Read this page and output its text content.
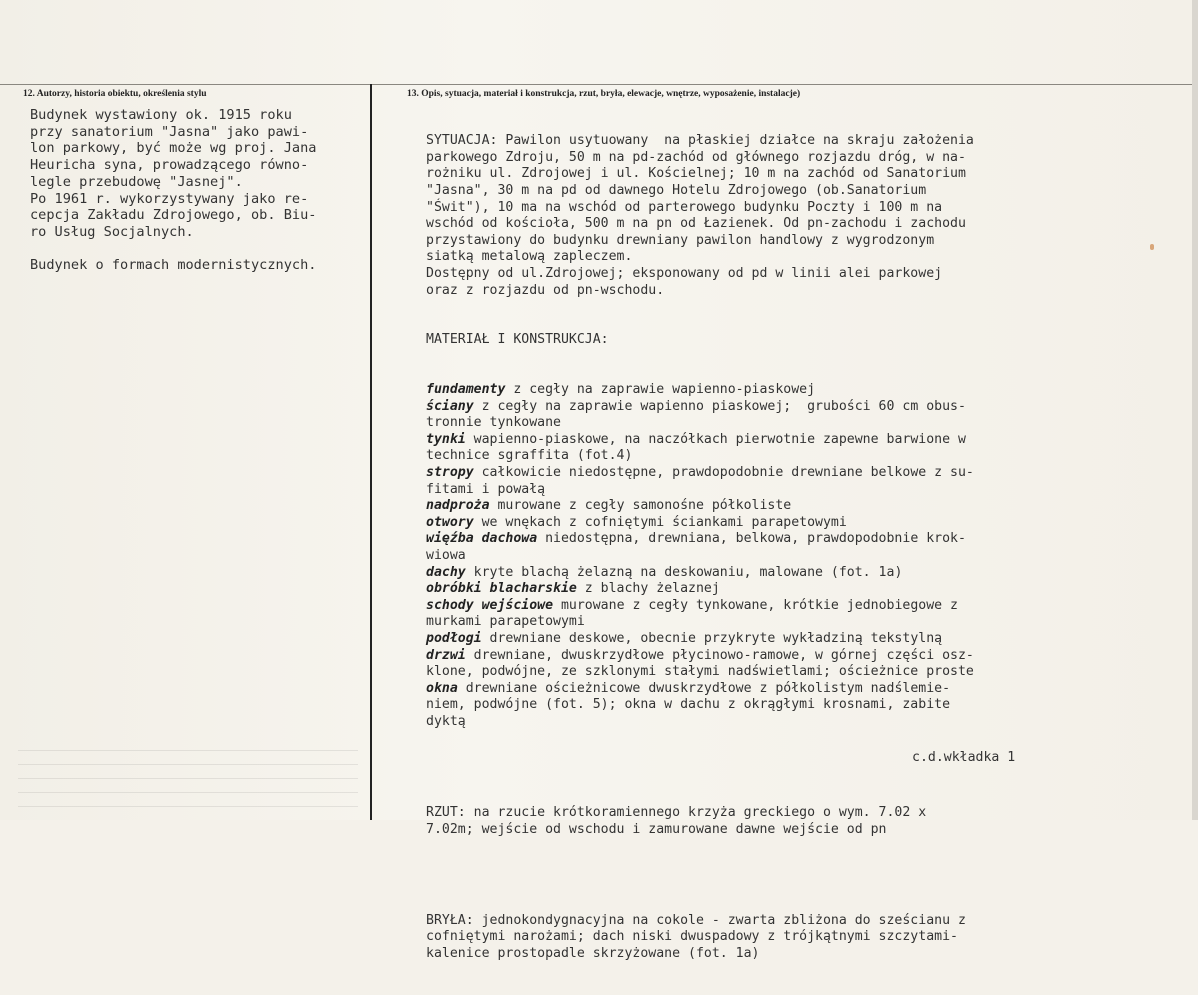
12. Autorzy, historia obiektu, określenia stylu	13. Opis, sytuacja, materiał i konstrukcja, rzut, bryła, elewacje, wnętrze, wyposażenie, instalacje)
Budynek wystawiony ok. 1915 roku
przy sanatorium "Jasna" jako pawi-
lon parkowy, być może wg proj. Jana
Heuricha syna, prowadzącego równo-
legle przebudowę "Jasnej".
Po 1961 r. wykorzystywany jako re-
cepcja Zakładu Zdrojowego, ob. Biu-
ro Usług Socjalnych.

Budynek o formach modernistycznych.

SYTUACJA: Pawilon usytuowany  na płaskiej działce na skraju założenia
parkowego Zdroju, 50 m na pd-zachód od głównego rozjazdu dróg, w na-
rożniku ul. Zdrojowej i ul. Kościelnej; 10 m na zachód od Sanatorium
"Jasna", 30 m na pd od dawnego Hotelu Zdrojowego (ob.Sanatorium
"Świt"), 10 ma na wschód od parterowego budynku Poczty i 100 m na
wschód od kościoła, 500 m na pn od Łazienek. Od pn-zachodu i zachodu
przystawiony do budynku drewniany pawilon handlowy z wygrodzonym
siatką metalową zapleczem.
Dostępny od ul.Zdrojowej; eksponowany od pd w linii alei parkowej
oraz z rozjazdu od pn-wschodu.

MATERIAŁ I KONSTRUKCJA:

fundamenty z cegły na zaprawie wapienno-piaskowej
ściany z cegły na zaprawie wapienno piaskowej;  grubości 60 cm obus-
tronnie tynkowane
tynki wapienno-piaskowe, na naczółkach pierwotnie zapewne barwione w
technice sgraffita (fot.4)
stropy całkowicie niedostępne, prawdopodobnie drewniane belkowe z su-
fitami i powałą
nadproża murowane z cegły samonośne półkoliste
otwory we wnękach z cofniętymi ściankami parapetowymi
więźba dachowa niedostępna, drewniana, belkowa, prawdopodobnie krok-
wiowa
dachy kryte blachą żelazną na deskowaniu, malowane (fot. 1a)
obróbki blacharskie z blachy żelaznej
schody wejściowe murowane z cegły tynkowane, krótkie jednobiegowe z
murkami parapetowymi
podłogi drewniane deskowe, obecnie przykryte wykładziną tekstylną
drzwi drewniane, dwuskrzydłowe płycinowo-ramowe, w górnej części osz-
klone, podwójne, ze szklonymi stałymi nadświetlami; ościeżnice proste
okna drewniane ościeżnicowe dwuskrzydłowe z półkolistym nadślemie-
niem, podwójne (fot. 5); okna w dachu z okrągłymi krosnami, zabite
dyktą

RZUT: na rzucie krótkoramiennego krzyża greckiego o wym. 7.02 x
7.02m; wejście od wschodu i zamurowane dawne wejście od pn

BRYŁA: jednokondygnacyjna na cokole - zwarta zbliżona do sześcianu z
cofniętymi narożami; dach niski dwuspadowy z trójkątnymi szczytami-
kalenice prostopadle skrzyżowane (fot. 1a)

c.d.wkładka 1
